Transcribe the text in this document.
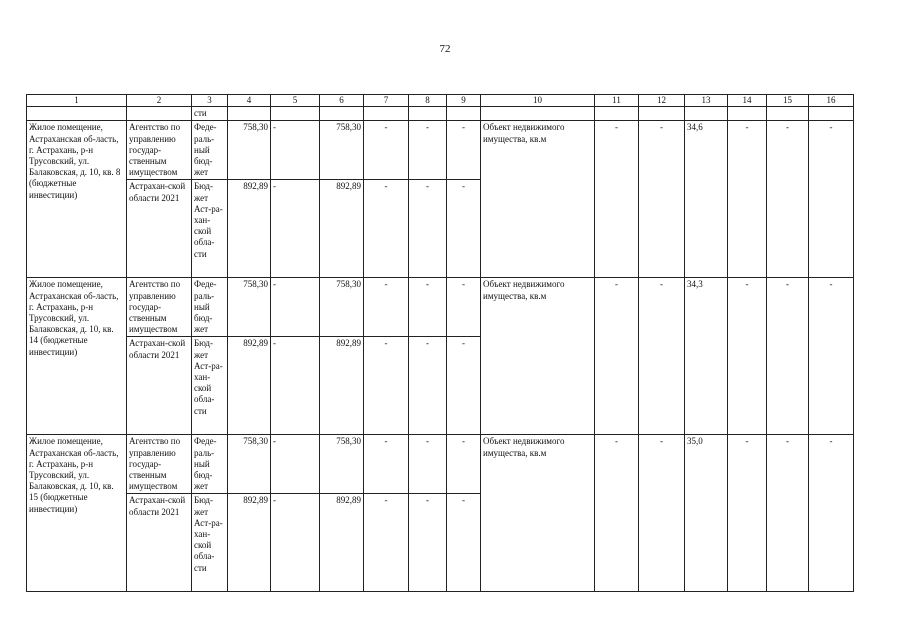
72
1	2	3	4	5	6	7	8	9	10	11	12	13	14	15	16
		сти													
Жилое помещение, Астраханская об-ласть, г. Астрахань, р-н Трусовский, ул. Балаковская, д. 10, кв. 8 (бюджетные инвестиции)	Агентство по управлению государ-ственным имуществом	Феде-раль-ный бюд-жет	758,30	-	758,30	-	-	-	Объект недвижимого имущества, кв.м	-	-	34,6	-	-	-
	Астрахан-ской области 2021	Бюд-жет Аст-ра-хан-ской обла-сти	892,89	-	892,89	-	-	-							
Жилое помещение, Астраханская об-ласть, г. Астрахань, р-н Трусовский, ул. Балаковская, д. 10, кв. 14 (бюджетные инвестиции)	Агентство по управлению государ-ственным имуществом	Феде-раль-ный бюд-жет	758,30	-	758,30	-	-	-	Объект недвижимого имущества, кв.м	-	-	34,3	-	-	-
	Астрахан-ской области 2021	Бюд-жет Аст-ра-хан-ской обла-сти	892,89	-	892,89	-	-	-							
Жилое помещение, Астраханская об-ласть, г. Астрахань, р-н Трусовский, ул. Балаковская, д. 10, кв. 15 (бюджетные инвестиции)	Агентство по управлению государ-ственным имуществом	Феде-раль-ный бюд-жет	758,30	-	758,30	-	-	-	Объект недвижимого имущества, кв.м	-	-	35,0	-	-	-
	Астрахан-ской области 2021	Бюд-жет Аст-ра-хан-ской обла-сти	892,89	-	892,89	-	-	-							
